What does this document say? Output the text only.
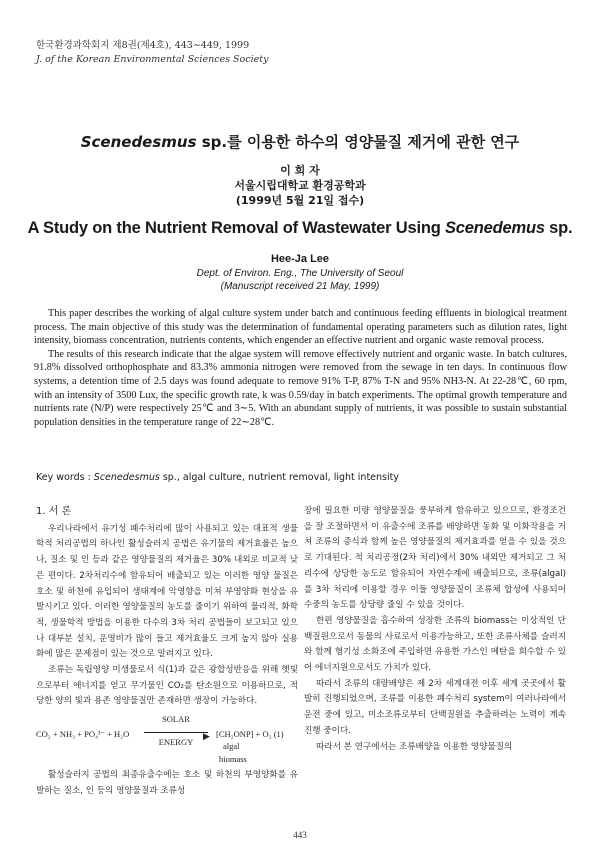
한국환경과학회지 제8권(제4호), 443∼449, 1999
J. of the Korean Environmental Sciences Society
Scenedesmus sp.를 이용한 하수의 영양물질 제거에 관한 연구
이 희 자
서울시립대학교 환경공학과
(1999년 5월 21일 접수)
A Study on the Nutrient Removal of Wastewater Using Scenedemus sp.
Hee-Ja Lee
Dept. of Environ. Eng., The University of Seoul
(Manuscript received 21 May, 1999)

This paper describes the working of algal culture system under batch and continuous feeding effluents in biological treatment process. The main objective of this study was the determination of fundamental operating parameters such as dilution rates, light intensity, biomass concentration, nutrients contents, which engender an effective nutrient and organic waste removal process.

The results of this research indicate that the algae system will remove effectively nutrient and organic waste. In batch cultures, 91.8% dissolved orthophosphate and 83.3% ammonia nitrogen were removed from the sewage in ten days. In continuous flow systems, a detention time of 2.5 days was found adequate to remove 91% T-P, 87% T-N and 95% NH3-N. At 22-28℃, 60 rpm, with an intensity of 3500 Lux, the specific growth rate, k was 0.59/day in batch experiments. The optimal growth temperature and nutrients rate (N/P) were respectively 25℃ and 3∼5. With an abundant supply of nutrients, it was possible to sustain substantial population densities in the temperature range of 22∼28℃.

Key words : Scenedesmus sp., algal culture, nutrient removal, light intensity
1. 서 론

우리나라에서 유기성 폐수처리에 많이 사용되고 있는 대표적 생물학적 처리공법의 하나인 활성슬러지 공법은 유기물의 제거효율은 높으나, 질소 및 인 등과 같은 영양물질의 제거율은 30% 내외로 비교적 낮은 편이다. 2차처리수에 함유되어 배출되고 있는 이러한 영양 물질은 호소 및 하천에 유입되어 생태계에 악영향을 미쳐 부영양화 현상을 유발시키고 있다. 이러한 영양물질의 농도를 줄이기 위하여 물리적, 화학적, 생물학적 방법을 이용한 다수의 3차 처리 공법들이 보고되고 있으나 대부분 설치, 운영비가 많이 들고 제거효율도 크게 높지 않아 실용화에 많은 문제점이 있는 것으로 알려지고 있다.

조류는 독립영양 미생물로서 식(1)과 같은 광합성반응을 위해 햇빛으로부터 에너지를 얻고 무기물인 CO₂를 탄소원으로 이용하므로, 적당한 양의 빛과 용존 영양물질만 존재하면 생장이 가능하다.

CO₂ + NH₃ + PO₄³⁻ + H₂O
SOLAR
▶
ENERGY
[CH₂ONP] + O₂ (1)
algal
biomass

활성슬러지 공법의 최종유출수에는 호소 및 하천의 부영양화를 유발하는 질소, 인 등의 영양물질과 조류성

장에 필요한 미량 영양물질을 풍부하게 함유하고 있으므로, 환경조건을 잘 조절하면서 이 유출수에 조류를 배양하면 동화 및 이화작용을 거쳐 조류의 증식과 함께 높은 영양물질의 제거효과를 얻을 수 있을 것으로 기대된다. 적 치리공정(2차 처리)에서 30% 내외만 제거되고 그 처리수에 상당한 농도로 함유되어 자연수계에 배출되므로, 조류(algal)를 3차 처리에 이용할 경우 이들 영양물질이 조류체 합성에 사용되어 수중의 농도를 상당량 줄일 수 있을 것이다.

한편 영양물질을 흡수하여 성장한 조류의 biomass는 이상적인 단백질원으로서 동물의 사료로서 이용가능하고, 또한 조류사체를 슬러지와 함께 혐기성 소화조에 주입하면 유용한 가스인 메탄을 회수할 수 있어 에너지원으로서도 가치가 있다.

따라서 조류의 대량배양은 제 2차 세계대전 이후 세계 곳곳에서 활발히 진행되었으며, 조류를 이용한 폐수처리 system이 여러나라에서 운전 중에 있고, 미소조류로부터 단백질원을 추출하려는 노력이 계속 진행 중이다.

따라서 본 연구에서는 조류배양을 이용한 영양물질의

443
